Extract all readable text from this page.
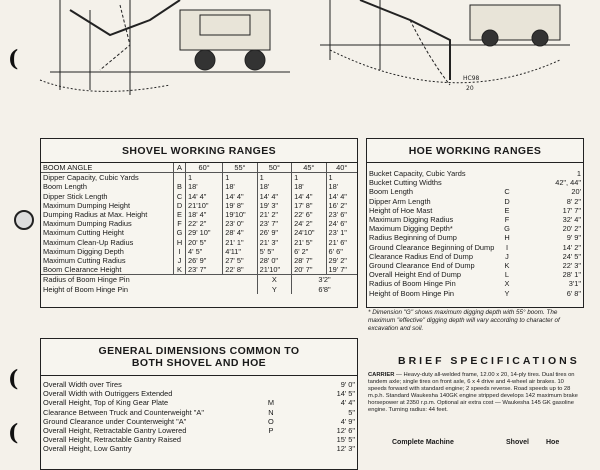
HC98
20
(
(
(
SHOVEL WORKING RANGES
BOOM ANGLE	A	60°	55°	50°	45°	40°
Dipper Capacity, Cubic Yards		1	1	1	1	1
Boom Length	B	18'	18'	18'	18'	18'
Dipper Stick Length	C	14' 4"	14' 4"	14' 4"	14' 4"	14' 4"
Maximum Dumping Height	D	21'10"	19' 8"	19' 3"	17' 8"	16' 2"
Dumping Radius at Max. Height	E	18' 4"	19'10"	21' 2"	22' 6"	23' 6"
Maximum Dumping Radius	F	22' 2"	23' 0"	23' 7"	24' 2"	24' 6"
Maximum Cutting Height	G	29' 10"	28' 4"	26' 9"	24'10"	23' 1"
Maximum Clean-Up Radius	H	20' 5"	21' 1"	21' 3"	21' 5"	21' 6"
Maximum Digging Depth	I	4' 5"	4'11"	5' 5"	6' 2"	6' 6"
Maximum Cutting Radius	J	26' 9"	27' 5"	28' 0"	28' 7"	29' 2"
Boom Clearance Height	K	23' 7"	22' 8"	21'10"	20' 7"	19' 7"
Radius of Boom Hinge Pin				X	3'2"	
Height of Boom Hinge Pin				Y	6'8"	
HOE WORKING RANGES
Bucket Capacity, Cubic Yards		1
Bucket Cutting Widths		42", 44"
Boom Length	C	20'
Dipper Arm Length	D	8' 2"
Height of Hoe Mast	E	17' 7"
Maximum Digging Radius	F	32' 4"
Maximum Digging Depth*	G	20' 2"
Radius Beginning of Dump	H	9' 9"
Ground Clearance Beginning of Dump	I	14' 2"
Clearance Radius End of Dump	J	24' 5"
Ground Clearance End of Dump	K	22' 3"
Overall Height End of Dump	L	28' 1"
Radius of Boom Hinge Pin	X	3'1"
Height of Boom Hinge Pin	Y	6' 8"
* Dimension "G" shows maximum digging depth with 55° boom. The maximum "effective" digging depth will vary according to character of excavation and soil.
GENERAL DIMENSIONS COMMON TO
BOTH SHOVEL AND HOE
Overall Width over Tires		9' 0"
Overall Width with Outriggers Extended		14' 5"
Overall Height, Top of King Gear Plate	M	4' 4"
Clearance Between Truck and Counterweight "A"	N	5"
Ground Clearance under Counterweight "A"	O	4' 9"
Overall Height, Retractable Gantry Lowered	P	12' 6"
Overall Height, Retractable Gantry Raised		15' 5"
Overall Height, Low Gantry		12' 3"
BRIEF SPECIFICATIONS
CARRIER — Heavy-duty all-welded frame, 12.00 x 20, 14-ply tires. Dual tires on tandem axle; single tires on front axle, 6 x 4 drive and 4-wheel air brakes. 10 speeds forward with standard engine; 2 speeds reverse. Road speeds up to 28 m.p.h. Standard Waukesha 140GK engine stripped develops 142 maximum brake horsepower at 2350 r.p.m. Optional air extra cost — Waukesha 145 GK gasoline engine. Turning radius: 44 feet.
Complete Machine	Shovel Hoe
